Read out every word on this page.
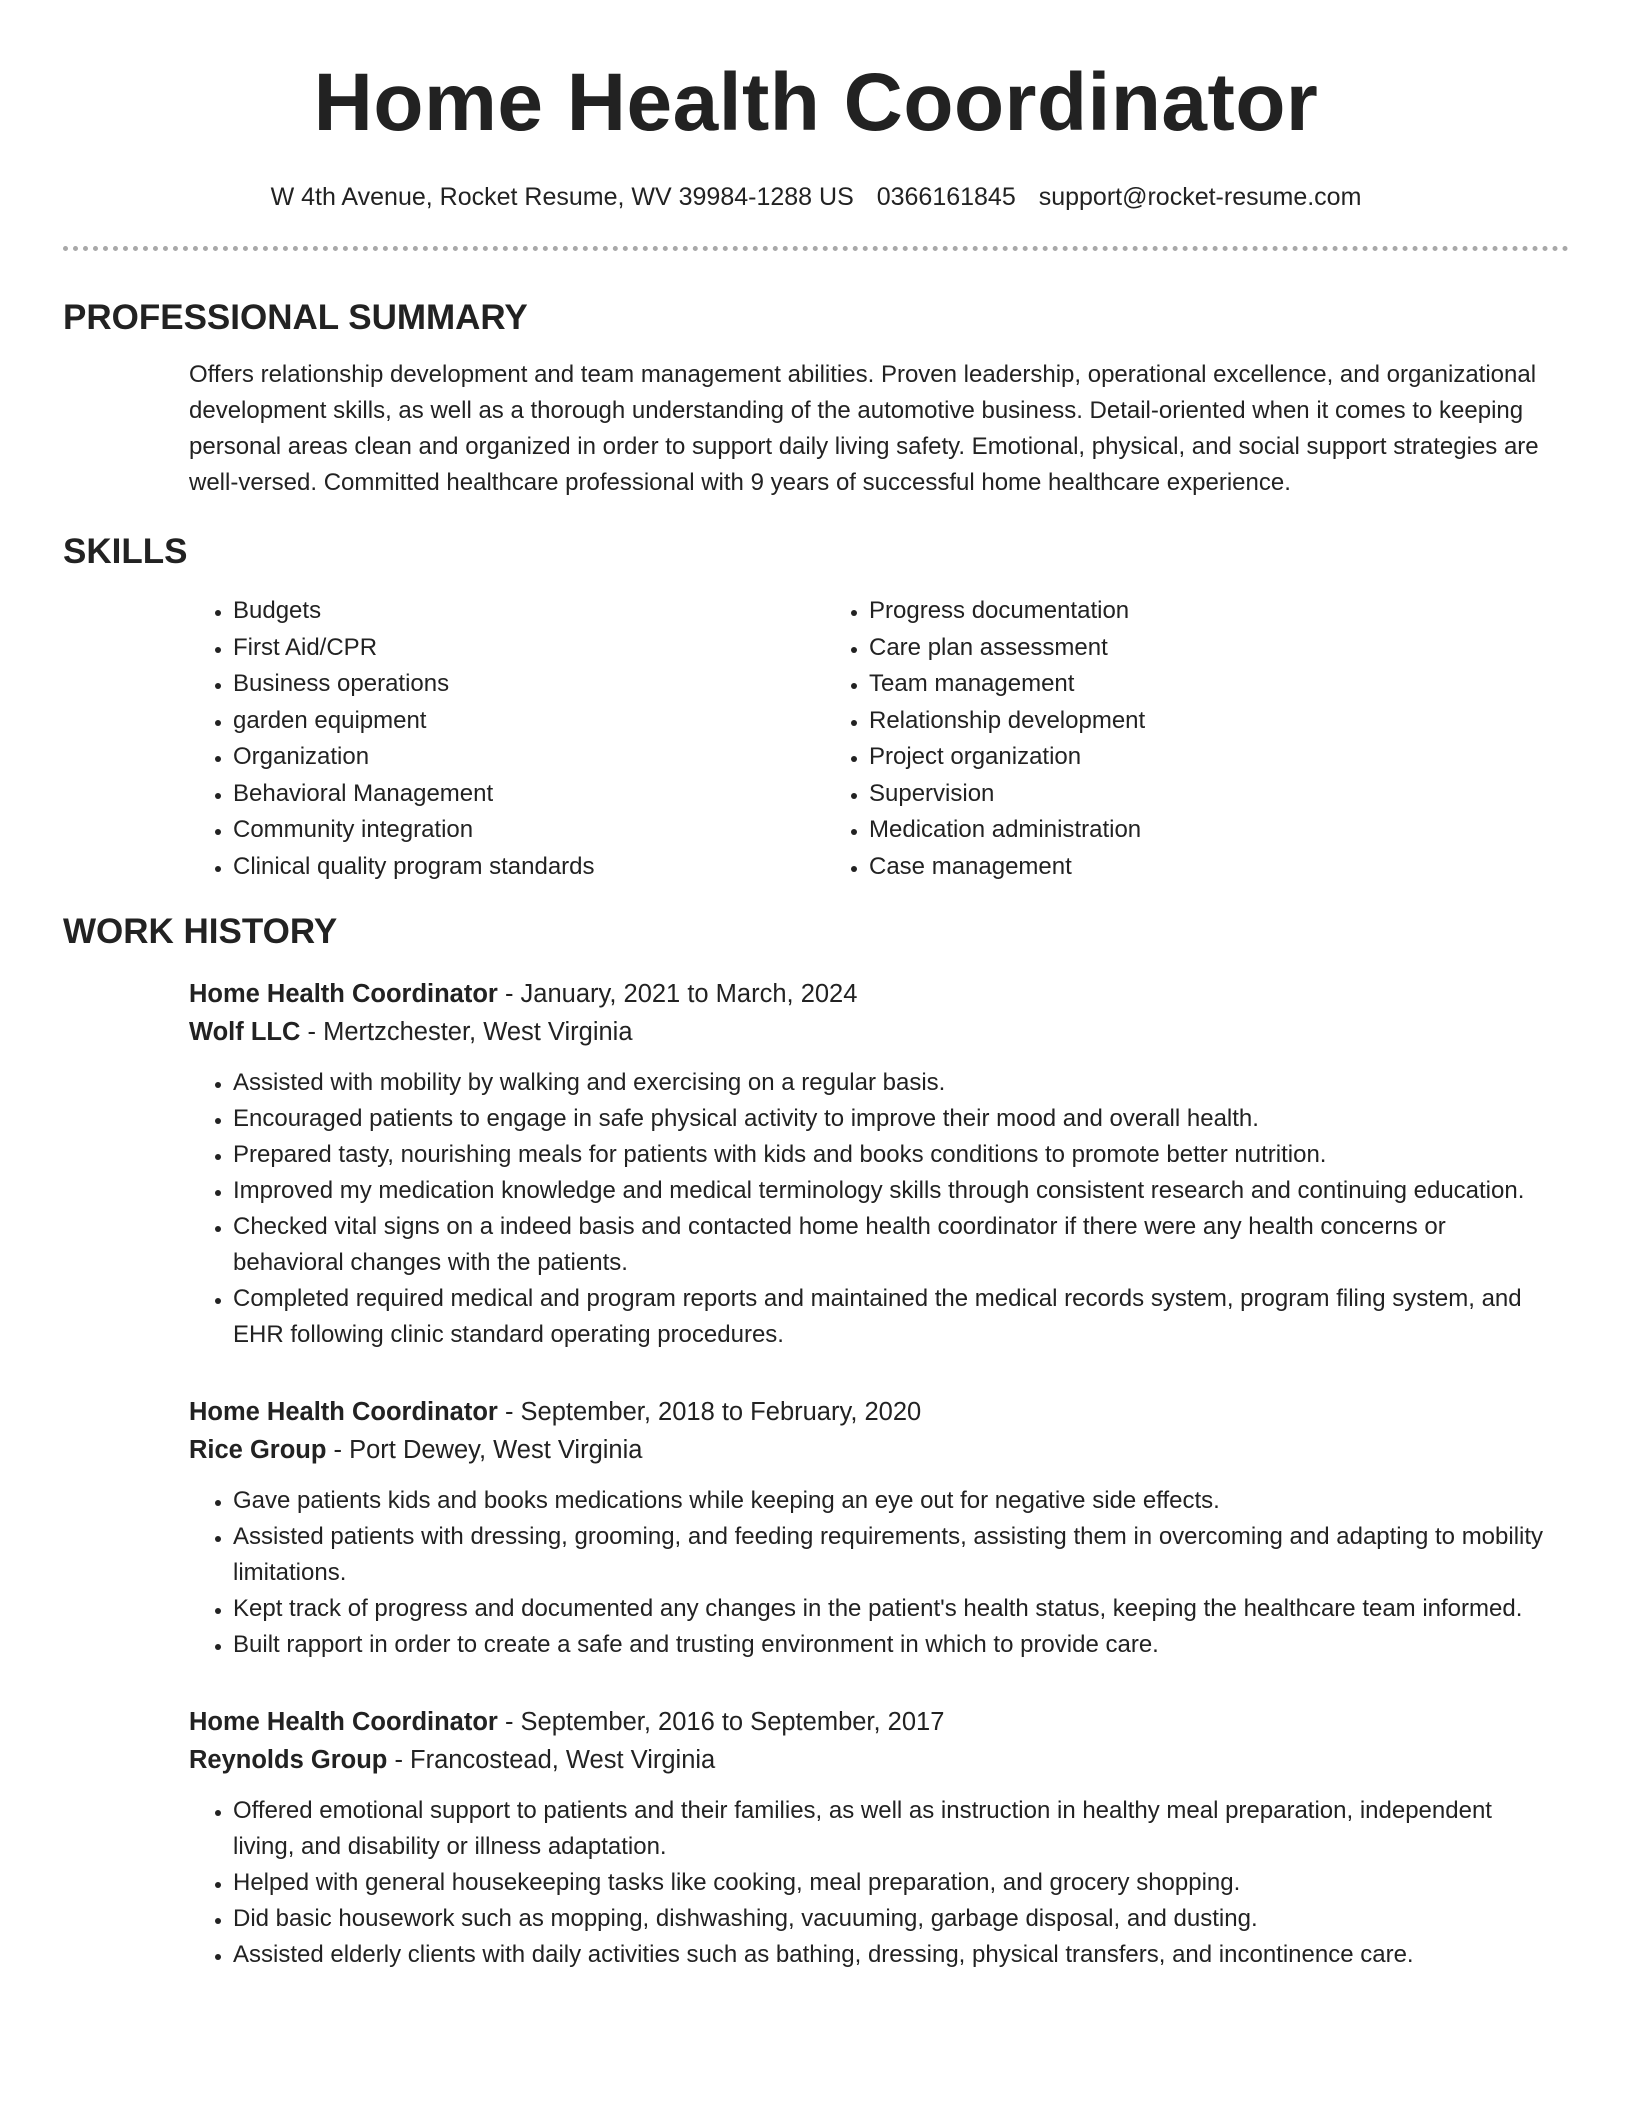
Home Health Coordinator
W 4th Avenue, Rocket Resume, WV 39984-1288 US 0366161845 support@rocket-resume.com
PROFESSIONAL SUMMARY
Offers relationship development and team management abilities. Proven leadership, operational excellence, and organizational development skills, as well as a thorough understanding of the automotive business. Detail-oriented when it comes to keeping personal areas clean and organized in order to support daily living safety. Emotional, physical, and social support strategies are well-versed. Committed healthcare professional with 9 years of successful home healthcare experience.
SKILLS
• Budgets
• First Aid/CPR
• Business operations
• garden equipment
• Organization
• Behavioral Management
• Community integration
• Clinical quality program standards
• Progress documentation
• Care plan assessment
• Team management
• Relationship development
• Project organization
• Supervision
• Medication administration
• Case management
WORK HISTORY
Home Health Coordinator - January, 2021 to March, 2024
Wolf LLC - Mertzchester, West Virginia
• Assisted with mobility by walking and exercising on a regular basis.
• Encouraged patients to engage in safe physical activity to improve their mood and overall health.
• Prepared tasty, nourishing meals for patients with kids and books conditions to promote better nutrition.
• Improved my medication knowledge and medical terminology skills through consistent research and continuing education.
• Checked vital signs on a indeed basis and contacted home health coordinator if there were any health concerns or behavioral changes with the patients.
• Completed required medical and program reports and maintained the medical records system, program filing system, and EHR following clinic standard operating procedures.
Home Health Coordinator - September, 2018 to February, 2020
Rice Group - Port Dewey, West Virginia
• Gave patients kids and books medications while keeping an eye out for negative side effects.
• Assisted patients with dressing, grooming, and feeding requirements, assisting them in overcoming and adapting to mobility limitations.
• Kept track of progress and documented any changes in the patient's health status, keeping the healthcare team informed.
• Built rapport in order to create a safe and trusting environment in which to provide care.
Home Health Coordinator - September, 2016 to September, 2017
Reynolds Group - Francostead, West Virginia
• Offered emotional support to patients and their families, as well as instruction in healthy meal preparation, independent living, and disability or illness adaptation.
• Helped with general housekeeping tasks like cooking, meal preparation, and grocery shopping.
• Did basic housework such as mopping, dishwashing, vacuuming, garbage disposal, and dusting.
• Assisted elderly clients with daily activities such as bathing, dressing, physical transfers, and incontinence care.
